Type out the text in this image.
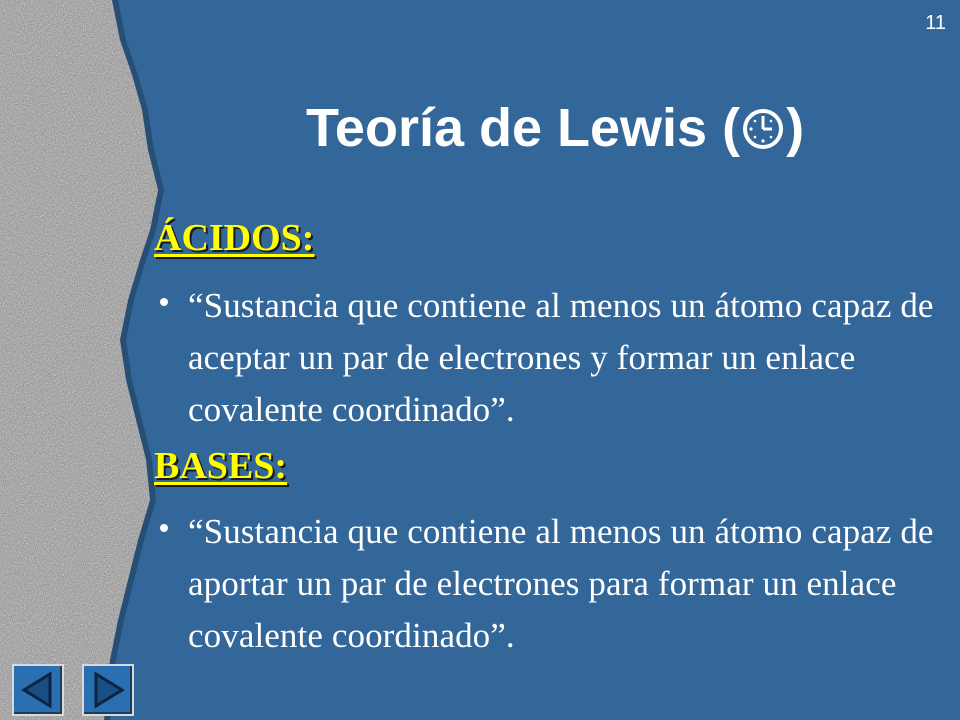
11
Teoría de Lewis ( )
ÁCIDOS:
“Sustancia que contiene al menos un átomo capaz de aceptar un par de electrones y formar un enlace covalente coordinado”.
BASES:
“Sustancia que contiene al menos un átomo capaz de aportar un par de electrones para formar un enlace covalente coordinado”.
